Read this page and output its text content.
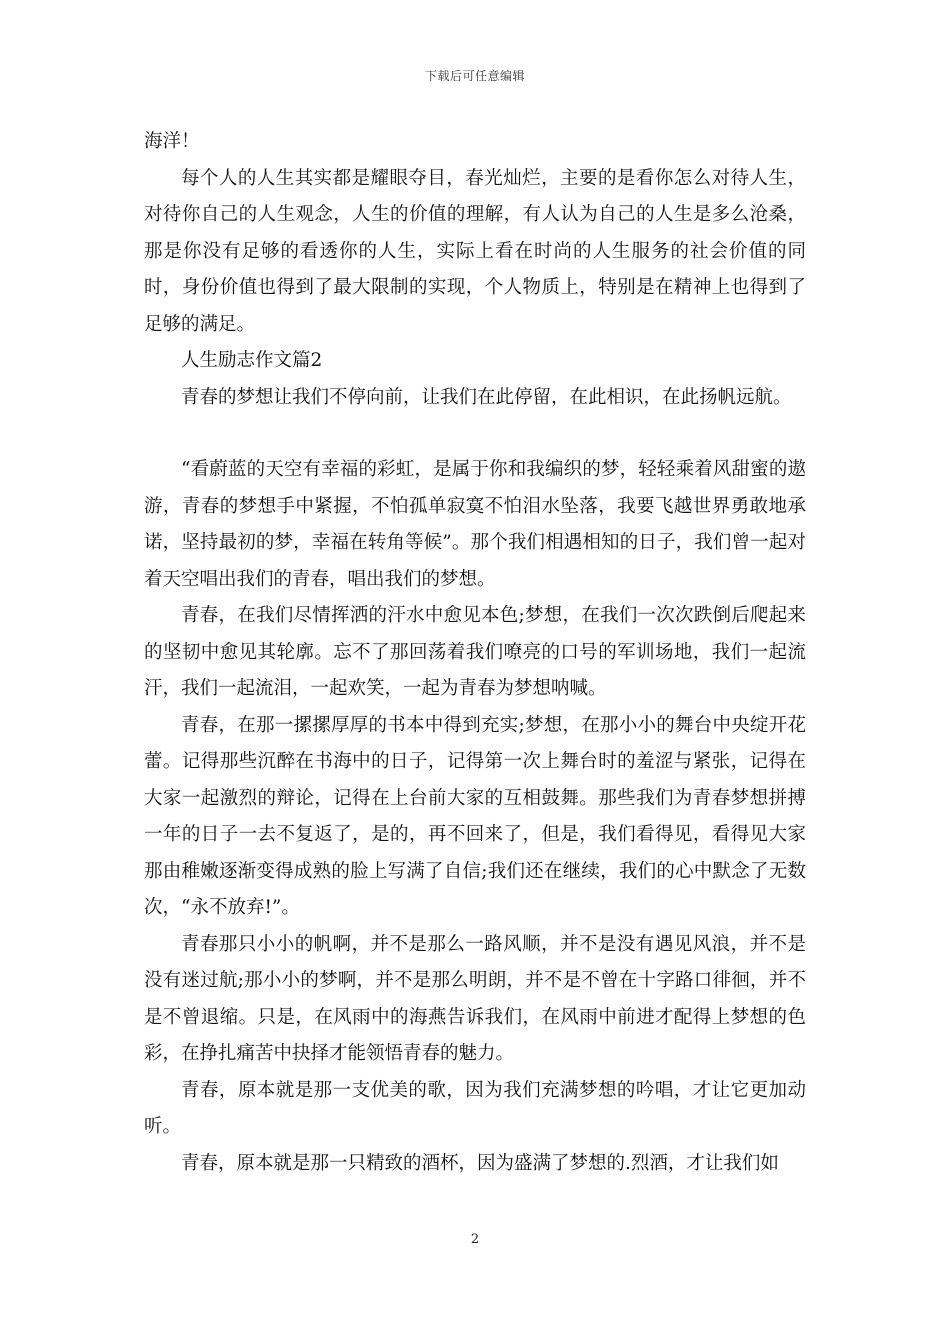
下载后可任意编辑

海洋！

每个人的人生其实都是耀眼夺目，春光灿烂，主要的是看你怎么对待人生，对待你自己的人生观念，人生的价值的理解，有人认为自己的人生是多么沧桑，那是你没有足够的看透你的人生，实际上看在时尚的人生服务的社会价值的同时，身份价值也得到了最大限制的实现，个人物质上，特别是在精神上也得到了足够的满足。

人生励志作文篇2

青春的梦想让我们不停向前，让我们在此停留，在此相识，在此扬帆远航。

“看蔚蓝的天空有幸福的彩虹，是属于你和我编织的梦，轻轻乘着风甜蜜的遨游，青春的梦想手中紧握，不怕孤单寂寞不怕泪水坠落，我要飞越世界勇敢地承诺，坚持最初的梦，幸福在转角等候”。那个我们相遇相知的日子，我们曾一起对着天空唱出我们的青春，唱出我们的梦想。

青春，在我们尽情挥洒的汗水中愈见本色;梦想，在我们一次次跌倒后爬起来的坚韧中愈见其轮廓。忘不了那回荡着我们嘹亮的口号的军训场地，我们一起流汗，我们一起流泪，一起欢笑，一起为青春为梦想呐喊。

青春，在那一摞摞厚厚的书本中得到充实;梦想，在那小小的舞台中央绽开花蕾。记得那些沉醉在书海中的日子，记得第一次上舞台时的羞涩与紧张，记得在大家一起激烈的辩论，记得在上台前大家的互相鼓舞。那些我们为青春梦想拼搏一年的日子一去不复返了，是的，再不回来了，但是，我们看得见，看得见大家那由稚嫩逐渐变得成熟的脸上写满了自信;我们还在继续，我们的心中默念了无数次，“永不放弃!”。

青春那只小小的帆啊，并不是那么一路风顺，并不是没有遇见风浪，并不是没有迷过航;那小小的梦啊，并不是那么明朗，并不是不曾在十字路口徘徊，并不是不曾退缩。只是，在风雨中的海燕告诉我们，在风雨中前进才配得上梦想的色彩，在挣扎痛苦中抉择才能领悟青春的魅力。

青春，原本就是那一支优美的歌，因为我们充满梦想的吟唱，才让它更加动听。

青春，原本就是那一只精致的酒杯，因为盛满了梦想的.烈酒，才让我们如

2
